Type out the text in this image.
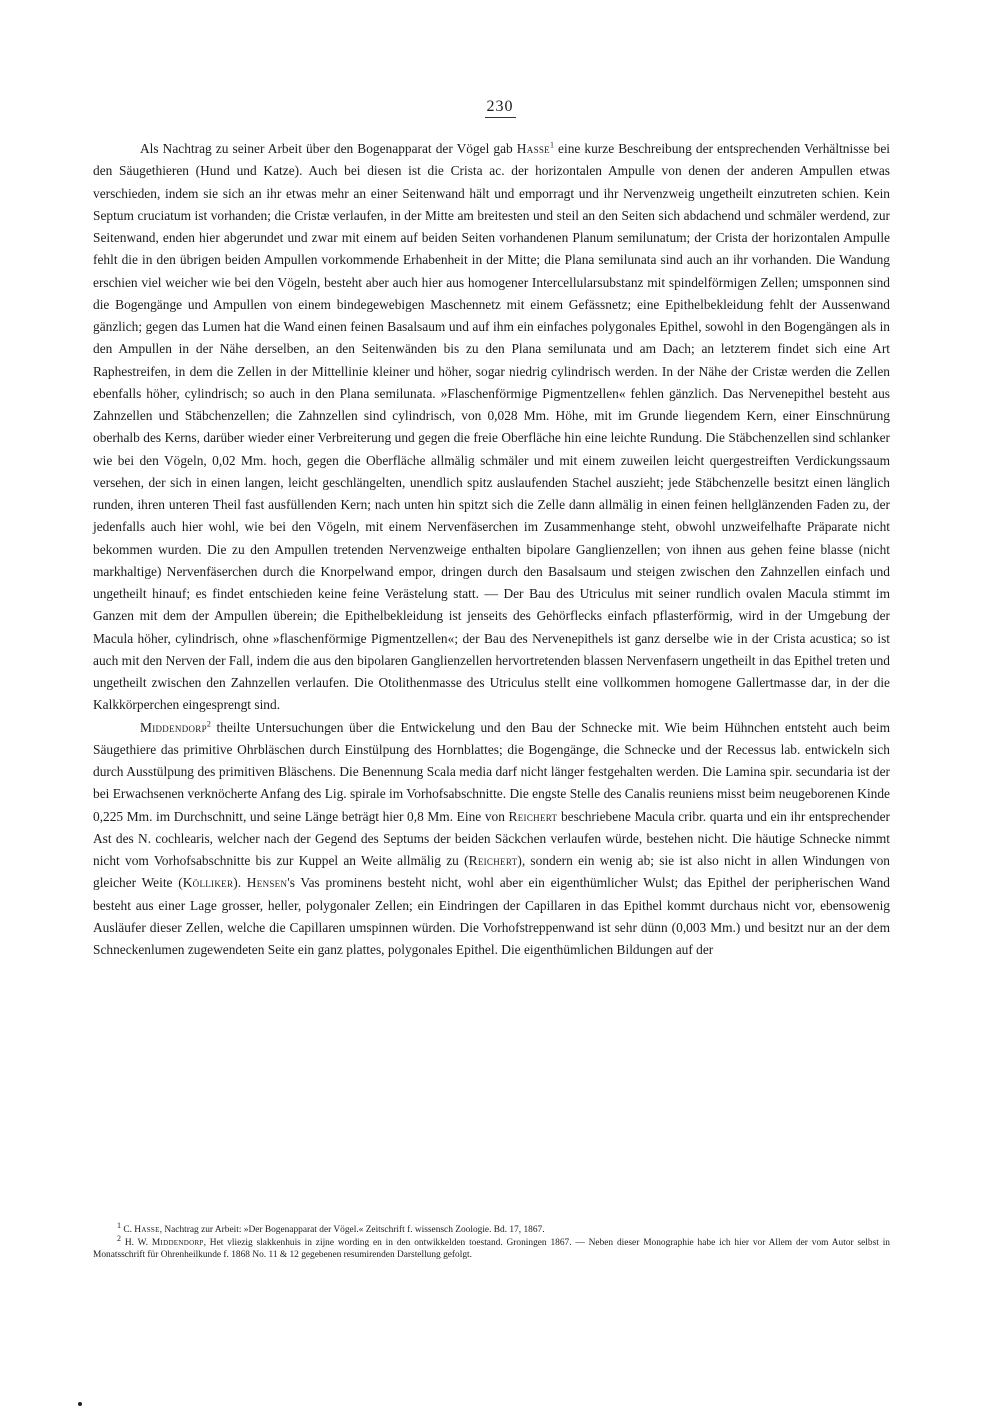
230

Als Nachtrag zu seiner Arbeit über den Bogenapparat der Vögel gab Hasse$^1$ eine kurze Beschreibung der entsprechenden Verhältnisse bei den Säugethieren (Hund und Katze). Auch bei diesen ist die Crista ac. der horizontalen Ampulle von denen der anderen Ampullen etwas verschieden, indem sie sich an ihr etwas mehr an einer Seitenwand hält und emporragt und ihr Nervenzweig ungetheilt einzutreten schien. Kein Septum cruciatum ist vorhanden; die Cristæ verlaufen, in der Mitte am breitesten und steil an den Seiten sich abdachend und schmäler werdend, zur Seitenwand, enden hier abgerundet und zwar mit einem auf beiden Seiten vorhandenen Planum semilunatum; der Crista der horizontalen Ampulle fehlt die in den übrigen beiden Ampullen vorkommende Erhabenheit in der Mitte; die Plana semilunata sind auch an ihr vorhanden. Die Wandung erschien viel weicher wie bei den Vögeln, besteht aber auch hier aus homogener Intercellularsubstanz mit spindelförmigen Zellen; umsponnen sind die Bogengänge und Ampullen von einem bindegewebigen Maschennetz mit einem Gefässnetz; eine Epithelbekleidung fehlt der Aussenwand gänzlich; gegen das Lumen hat die Wand einen feinen Basalsaum und auf ihm ein einfaches polygonales Epithel, sowohl in den Bogengängen als in den Ampullen in der Nähe derselben, an den Seitenwänden bis zu den Plana semilunata und am Dach; an letzterem findet sich eine Art Raphestreifen, in dem die Zellen in der Mittellinie kleiner und höher, sogar niedrig cylindrisch werden. In der Nähe der Cristæ werden die Zellen ebenfalls höher, cylindrisch; so auch in den Plana semilunata. »Flaschenförmige Pigmentzellen« fehlen gänzlich. Das Nervenepithel besteht aus Zahnzellen und Stäbchenzellen; die Zahnzellen sind cylindrisch, von 0,028 Mm. Höhe, mit im Grunde liegendem Kern, einer Einschnürung oberhalb des Kerns, darüber wieder einer Verbreiterung und gegen die freie Oberfläche hin eine leichte Rundung. Die Stäbchenzellen sind schlanker wie bei den Vögeln, 0,02 Mm. hoch, gegen die Oberfläche allmälig schmäler und mit einem zuweilen leicht quergestreiften Verdickungssaum versehen, der sich in einen langen, leicht geschlängelten, unendlich spitz auslaufenden Stachel auszieht; jede Stäbchenzelle besitzt einen länglich runden, ihren unteren Theil fast ausfüllenden Kern; nach unten hin spitzt sich die Zelle dann allmälig in einen feinen hellglänzenden Faden zu, der jedenfalls auch hier wohl, wie bei den Vögeln, mit einem Nervenfäserchen im Zusammenhange steht, obwohl unzweifelhafte Präparate nicht bekommen wurden. Die zu den Ampullen tretenden Nervenzweige enthalten bipolare Ganglienzellen; von ihnen aus gehen feine blasse (nicht markhaltige) Nervenfäserchen durch die Knorpelwand empor, dringen durch den Basalsaum und steigen zwischen den Zahnzellen einfach und ungetheilt hinauf; es findet entschieden keine feine Verästelung statt. — Der Bau des Utriculus mit seiner rundlich ovalen Macula stimmt im Ganzen mit dem der Ampullen überein; die Epithelbekleidung ist jenseits des Gehörflecks einfach pflasterförmig, wird in der Umgebung der Macula höher, cylindrisch, ohne »flaschenförmige Pigmentzellen«; der Bau des Nervenepithels ist ganz derselbe wie in der Crista acustica; so ist auch mit den Nerven der Fall, indem die aus den bipolaren Ganglienzellen hervortretenden blassen Nervenfasern ungetheilt in das Epithel treten und ungetheilt zwischen den Zahnzellen verlaufen. Die Otolithenmasse des Utriculus stellt eine vollkommen homogene Gallertmasse dar, in der die Kalkkörperchen eingesprengt sind.

Middendorp$^2$ theilte Untersuchungen über die Entwickelung und den Bau der Schnecke mit. Wie beim Hühnchen entsteht auch beim Säugethiere das primitive Ohrbläschen durch Einstülpung des Hornblattes; die Bogengänge, die Schnecke und der Recessus lab. entwickeln sich durch Ausstülpung des primitiven Bläschens. Die Benennung Scala media darf nicht länger festgehalten werden. Die Lamina spir. secundaria ist der bei Erwachsenen verknöcherte Anfang des Lig. spirale im Vorhofsabschnitte. Die engste Stelle des Canalis reuniens misst beim neugeborenen Kinde 0,225 Mm. im Durchschnitt, und seine Länge beträgt hier 0,8 Mm. Eine von Reichert beschriebene Macula cribr. quarta und ein ihr entsprechender Ast des N. cochlearis, welcher nach der Gegend des Septums der beiden Säckchen verlaufen würde, bestehen nicht. Die häutige Schnecke nimmt nicht vom Vorhofsabschnitte bis zur Kuppel an Weite allmälig zu (Reichert), sondern ein wenig ab; sie ist also nicht in allen Windungen von gleicher Weite (Kölliker). Hensen's Vas prominens besteht nicht, wohl aber ein eigenthümlicher Wulst; das Epithel der peripherischen Wand besteht aus einer Lage grosser, heller, polygonaler Zellen; ein Eindringen der Capillaren in das Epithel kommt durchaus nicht vor, ebensowenig Ausläufer dieser Zellen, welche die Capillaren umspinnen würden. Die Vorhofstreppenwand ist sehr dünn (0,003 Mm.) und besitzt nur an der dem Schneckenlumen zugewendeten Seite ein ganz plattes, polygonales Epithel. Die eigenthümlichen Bildungen auf der

$^1$ C. Hasse, Nachtrag zur Arbeit: »Der Bogenapparat der Vögel.« Zeitschrift f. wissensch Zoologie. Bd. 17, 1867.

$^2$ H. W. Middendorp, Het vliezig slakkenhuis in zijne wording en in den ontwikkelden toestand. Groningen 1867. — Neben dieser Monographie habe ich hier vor Allem der vom Autor selbst in Monatsschrift für Ohrenheilkunde f. 1868 No. 11 & 12 gegebenen resumirenden Darstellung gefolgt.
